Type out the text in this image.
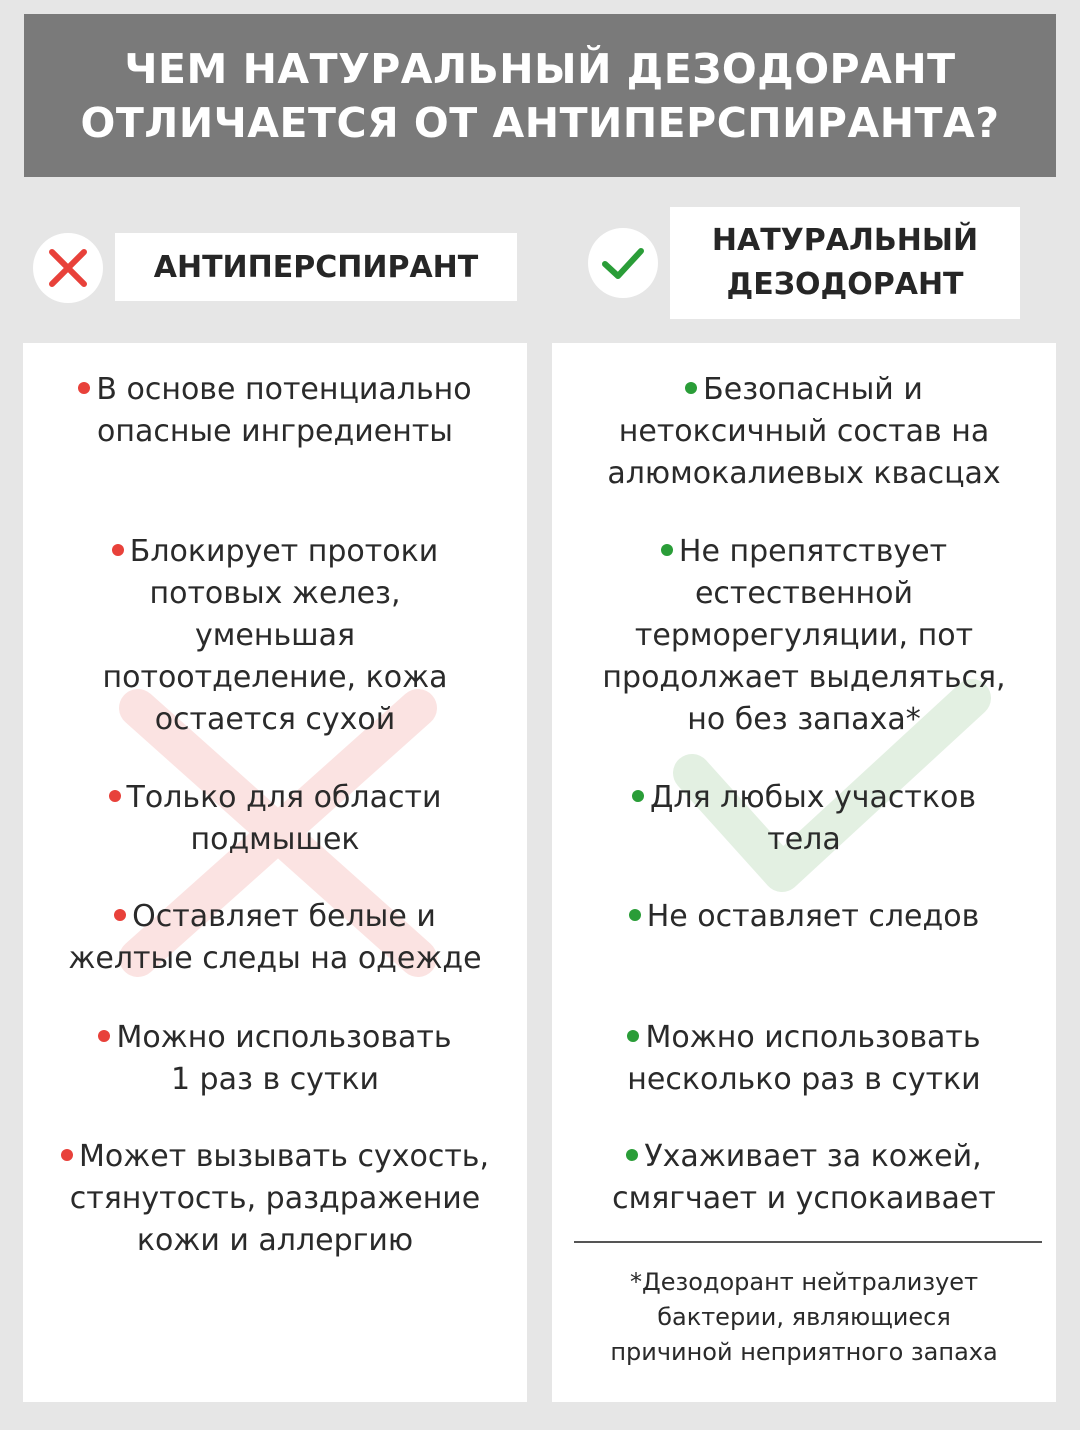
ЧЕМ НАТУРАЛЬНЫЙ ДЕЗОДОРАНТ
ОТЛИЧАЕТСЯ ОТ АНТИПЕРСПИРАНТА?
АНТИПЕРСПИРАНТ
НАТУРАЛЬНЫЙ
ДЕЗОДОРАНТ
В основе потенциально
опасные ингредиенты
Блокирует протоки
потовых желез,
уменьшая
потоотделение, кожа
остается сухой
Только для области
подмышек
Оставляет белые и
желтые следы на одежде
Можно использовать
1 раз в сутки
Может вызывать сухость,
стянутость, раздражение
кожи и аллергию
Безопасный и
нетоксичный состав на
алюмокалиевых квасцах
Не препятствует
естественной
терморегуляции, пот
продолжает выделяться,
но без запаха*
Для любых участков
тела
Не оставляет следов
Можно использовать
несколько раз в сутки
Ухаживает за кожей,
смягчает и успокаивает
*Дезодорант нейтрализует
бактерии, являющиеся
причиной неприятного запаха
